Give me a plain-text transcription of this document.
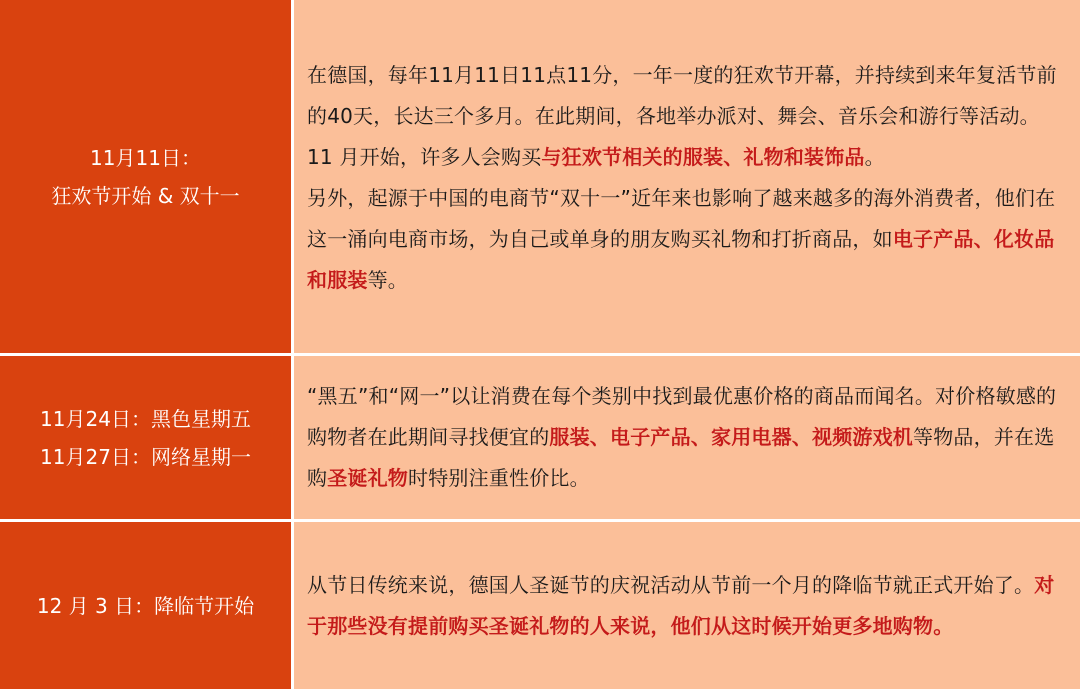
11月11日：
狂欢节开始 & 双十一

在德国，每年11月11日11点11分，一年一度的狂欢节开幕，并持续到来年复活节前的40天，长达三个多月。在此期间，各地举办派对、舞会、音乐会和游行等活动。11 月开始，许多人会购买与狂欢节相关的服装、礼物和装饰品。

另外，起源于中国的电商节“双十一”近年来也影响了越来越多的海外消费者，他们在这一涌向电商市场，为自己或单身的朋友购买礼物和打折商品，如电子产品、化妆品和服装等。

11月24日：黑色星期五
11月27日：网络星期一

“黑五”和“网一”以让消费在每个类别中找到最优惠价格的商品而闻名。对价格敏感的购物者在此期间寻找便宜的服装、电子产品、家用电器、视频游戏机等物品，并在选购圣诞礼物时特别注重性价比。

12 月 3 日：降临节开始

从节日传统来说，德国人圣诞节的庆祝活动从节前一个月的降临节就正式开始了。对于那些没有提前购买圣诞礼物的人来说，他们从这时候开始更多地购物。
